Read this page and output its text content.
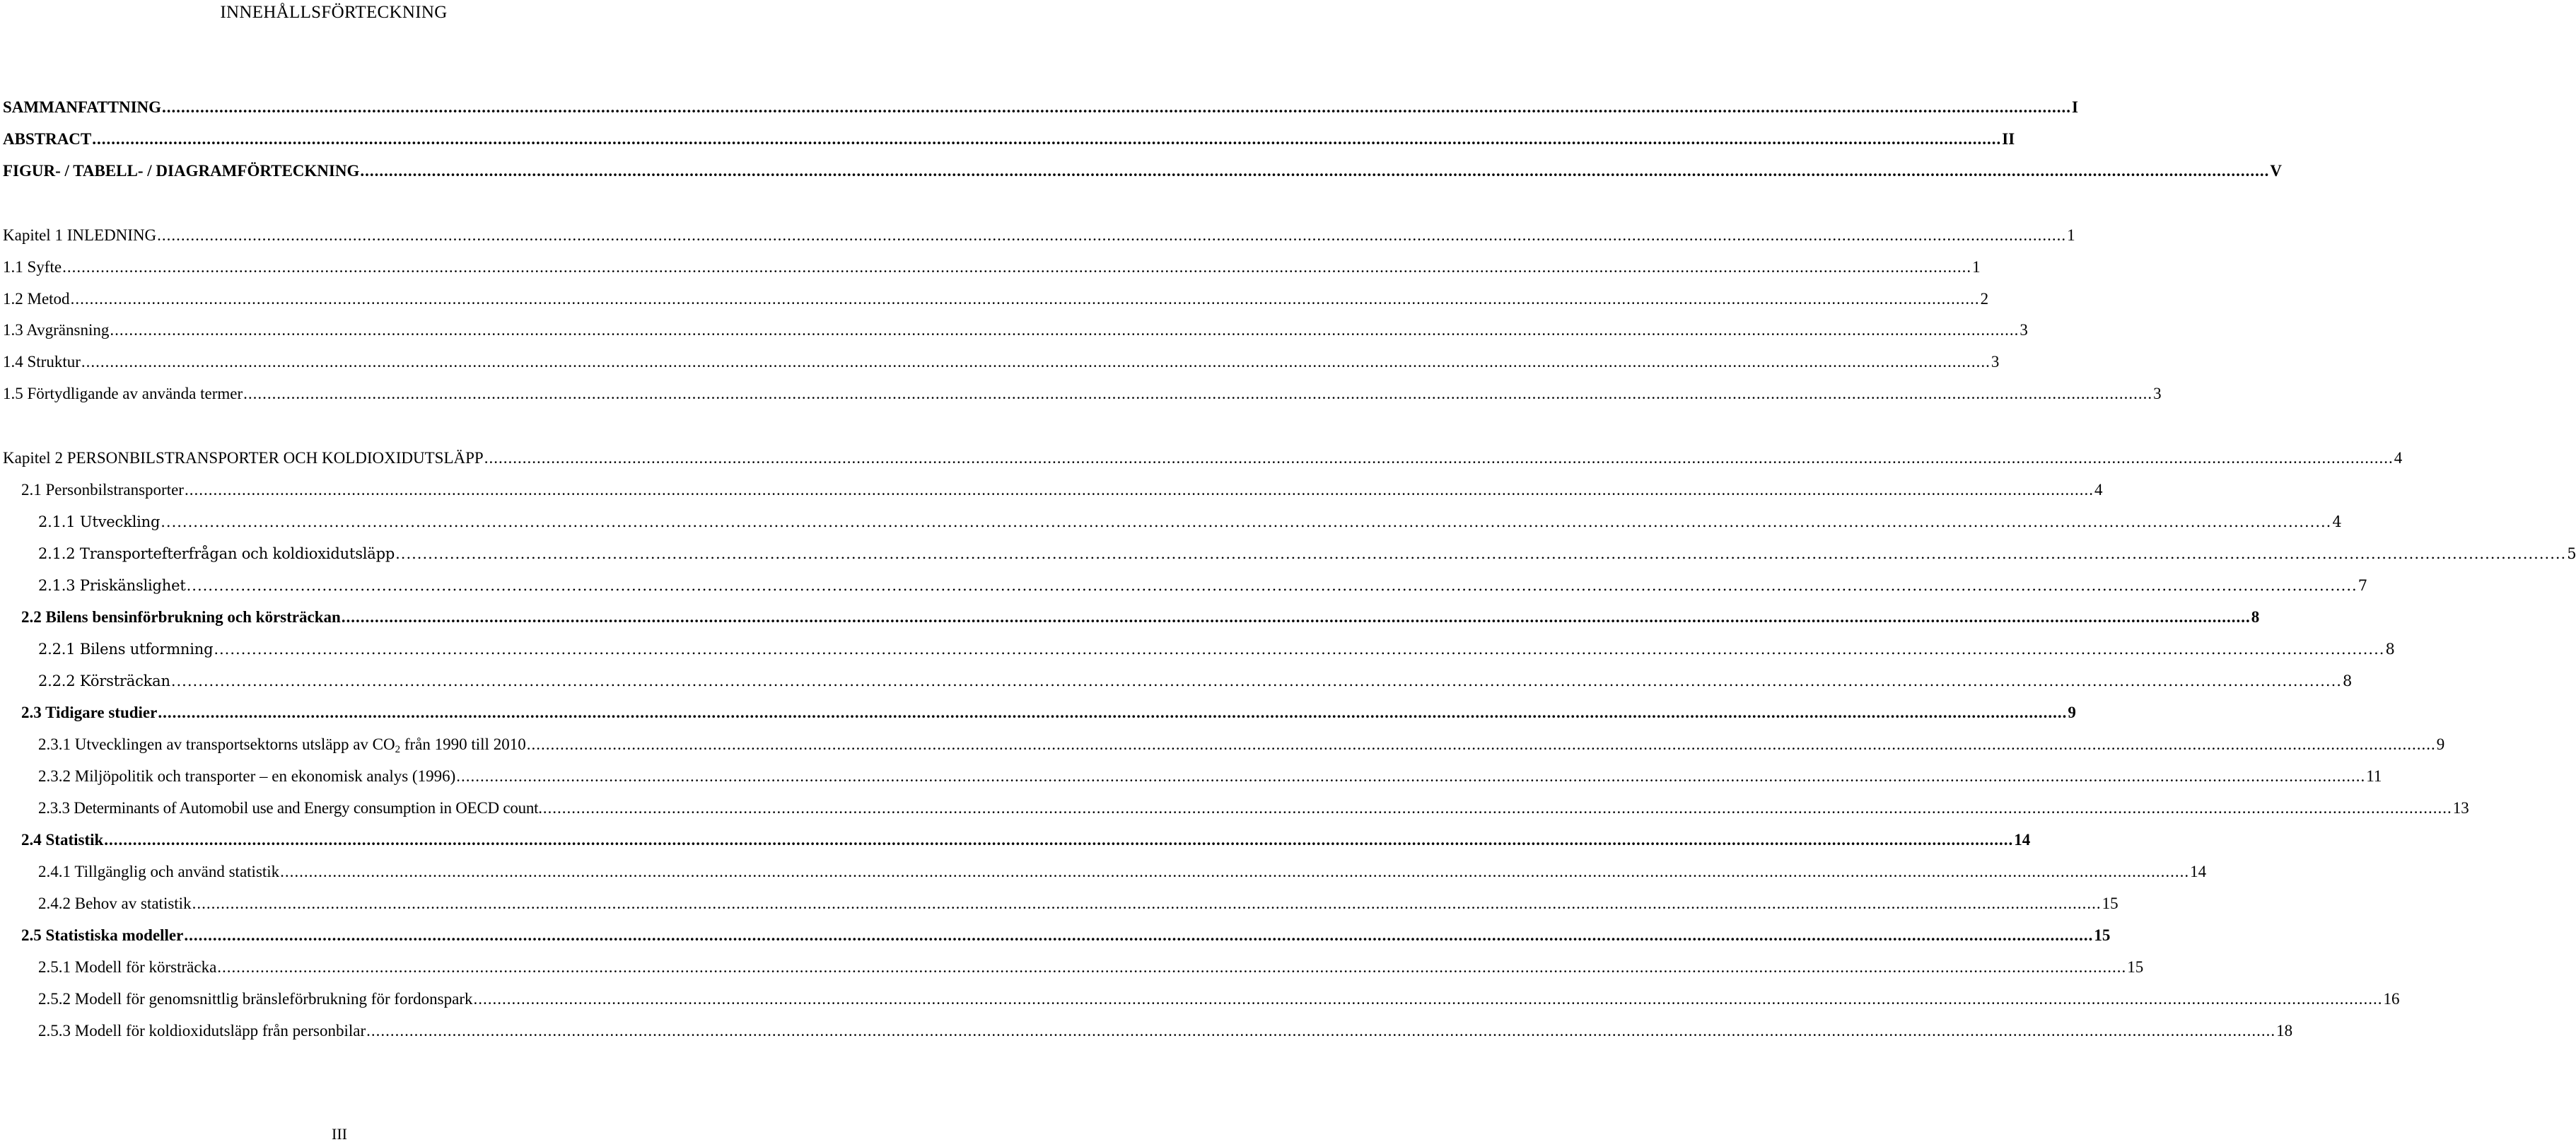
INNEHÅLLSFÖRTECKNING
SAMMANFATTNING ................................................................................................................................................................................................................................................................................................................................................................................................................ I
ABSTRACT ................................................................................................................................................................................................................................................................................................................................................................................................................ II
FIGUR- / TABELL- / DIAGRAMFÖRTECKNING ................................................................................................................................................................................................................................................................................................................................................................................................................ V
Kapitel 1 INLEDNING ................................................................................................................................................................................................................................................................................................................................................................................................................ 1
1.1 Syfte ................................................................................................................................................................................................................................................................................................................................................................................................................ 1
1.2 Metod ................................................................................................................................................................................................................................................................................................................................................................................................................ 2
1.3 Avgränsning ................................................................................................................................................................................................................................................................................................................................................................................................................ 3
1.4 Struktur ................................................................................................................................................................................................................................................................................................................................................................................................................ 3
1.5 Förtydligande av använda termer ................................................................................................................................................................................................................................................................................................................................................................................................................ 3
Kapitel 2 PERSONBILSTRANSPORTER OCH KOLDIOXIDUTSLÄPP ................................................................................................................................................................................................................................................................................................................................................................................................................ 4
2.1 Personbilstransporter ................................................................................................................................................................................................................................................................................................................................................................................................................ 4
2.1.1 Utveckling ................................................................................................................................................................................................................................................................................................................................................................................................................ 4
2.1.2 Transportefterfrågan och koldioxidutsläpp ................................................................................................................................................................................................................................................................................................................................................................................................................ 5
2.1.3 Priskänslighet ................................................................................................................................................................................................................................................................................................................................................................................................................ 7
2.2 Bilens bensinförbrukning och körsträckan ................................................................................................................................................................................................................................................................................................................................................................................................................ 8
2.2.1 Bilens utformning ................................................................................................................................................................................................................................................................................................................................................................................................................ 8
2.2.2 Körsträckan ................................................................................................................................................................................................................................................................................................................................................................................................................ 8
2.3 Tidigare studier ................................................................................................................................................................................................................................................................................................................................................................................................................ 9
2.3.1 Utvecklingen av transportsektorns utsläpp av $CO_2$ från 1990 till 2010 ................................................................................................................................................................................................................................................................................................................................................................................................................ 9
2.3.2 Miljöpolitik och transporter – en ekonomisk analys (1996) ................................................................................................................................................................................................................................................................................................................................................................................................................ 11
2.3.3 Determinants of Automobil use and Energy consumption in OECD count. ................................................................................................................................................................................................................................................................................................................................................................................................................ 13
2.4 Statistik ................................................................................................................................................................................................................................................................................................................................................................................................................ 14
2.4.1 Tillgänglig och använd statistik ................................................................................................................................................................................................................................................................................................................................................................................................................ 14
2.4.2 Behov av statistik ................................................................................................................................................................................................................................................................................................................................................................................................................ 15
2.5 Statistiska modeller ................................................................................................................................................................................................................................................................................................................................................................................................................ 15
2.5.1 Modell för körsträcka ................................................................................................................................................................................................................................................................................................................................................................................................................ 15
2.5.2 Modell för genomsnittlig bränsleförbrukning för fordonspark ................................................................................................................................................................................................................................................................................................................................................................................................................ 16
2.5.3 Modell för koldioxidutsläpp från personbilar ................................................................................................................................................................................................................................................................................................................................................................................................................ 18
III
